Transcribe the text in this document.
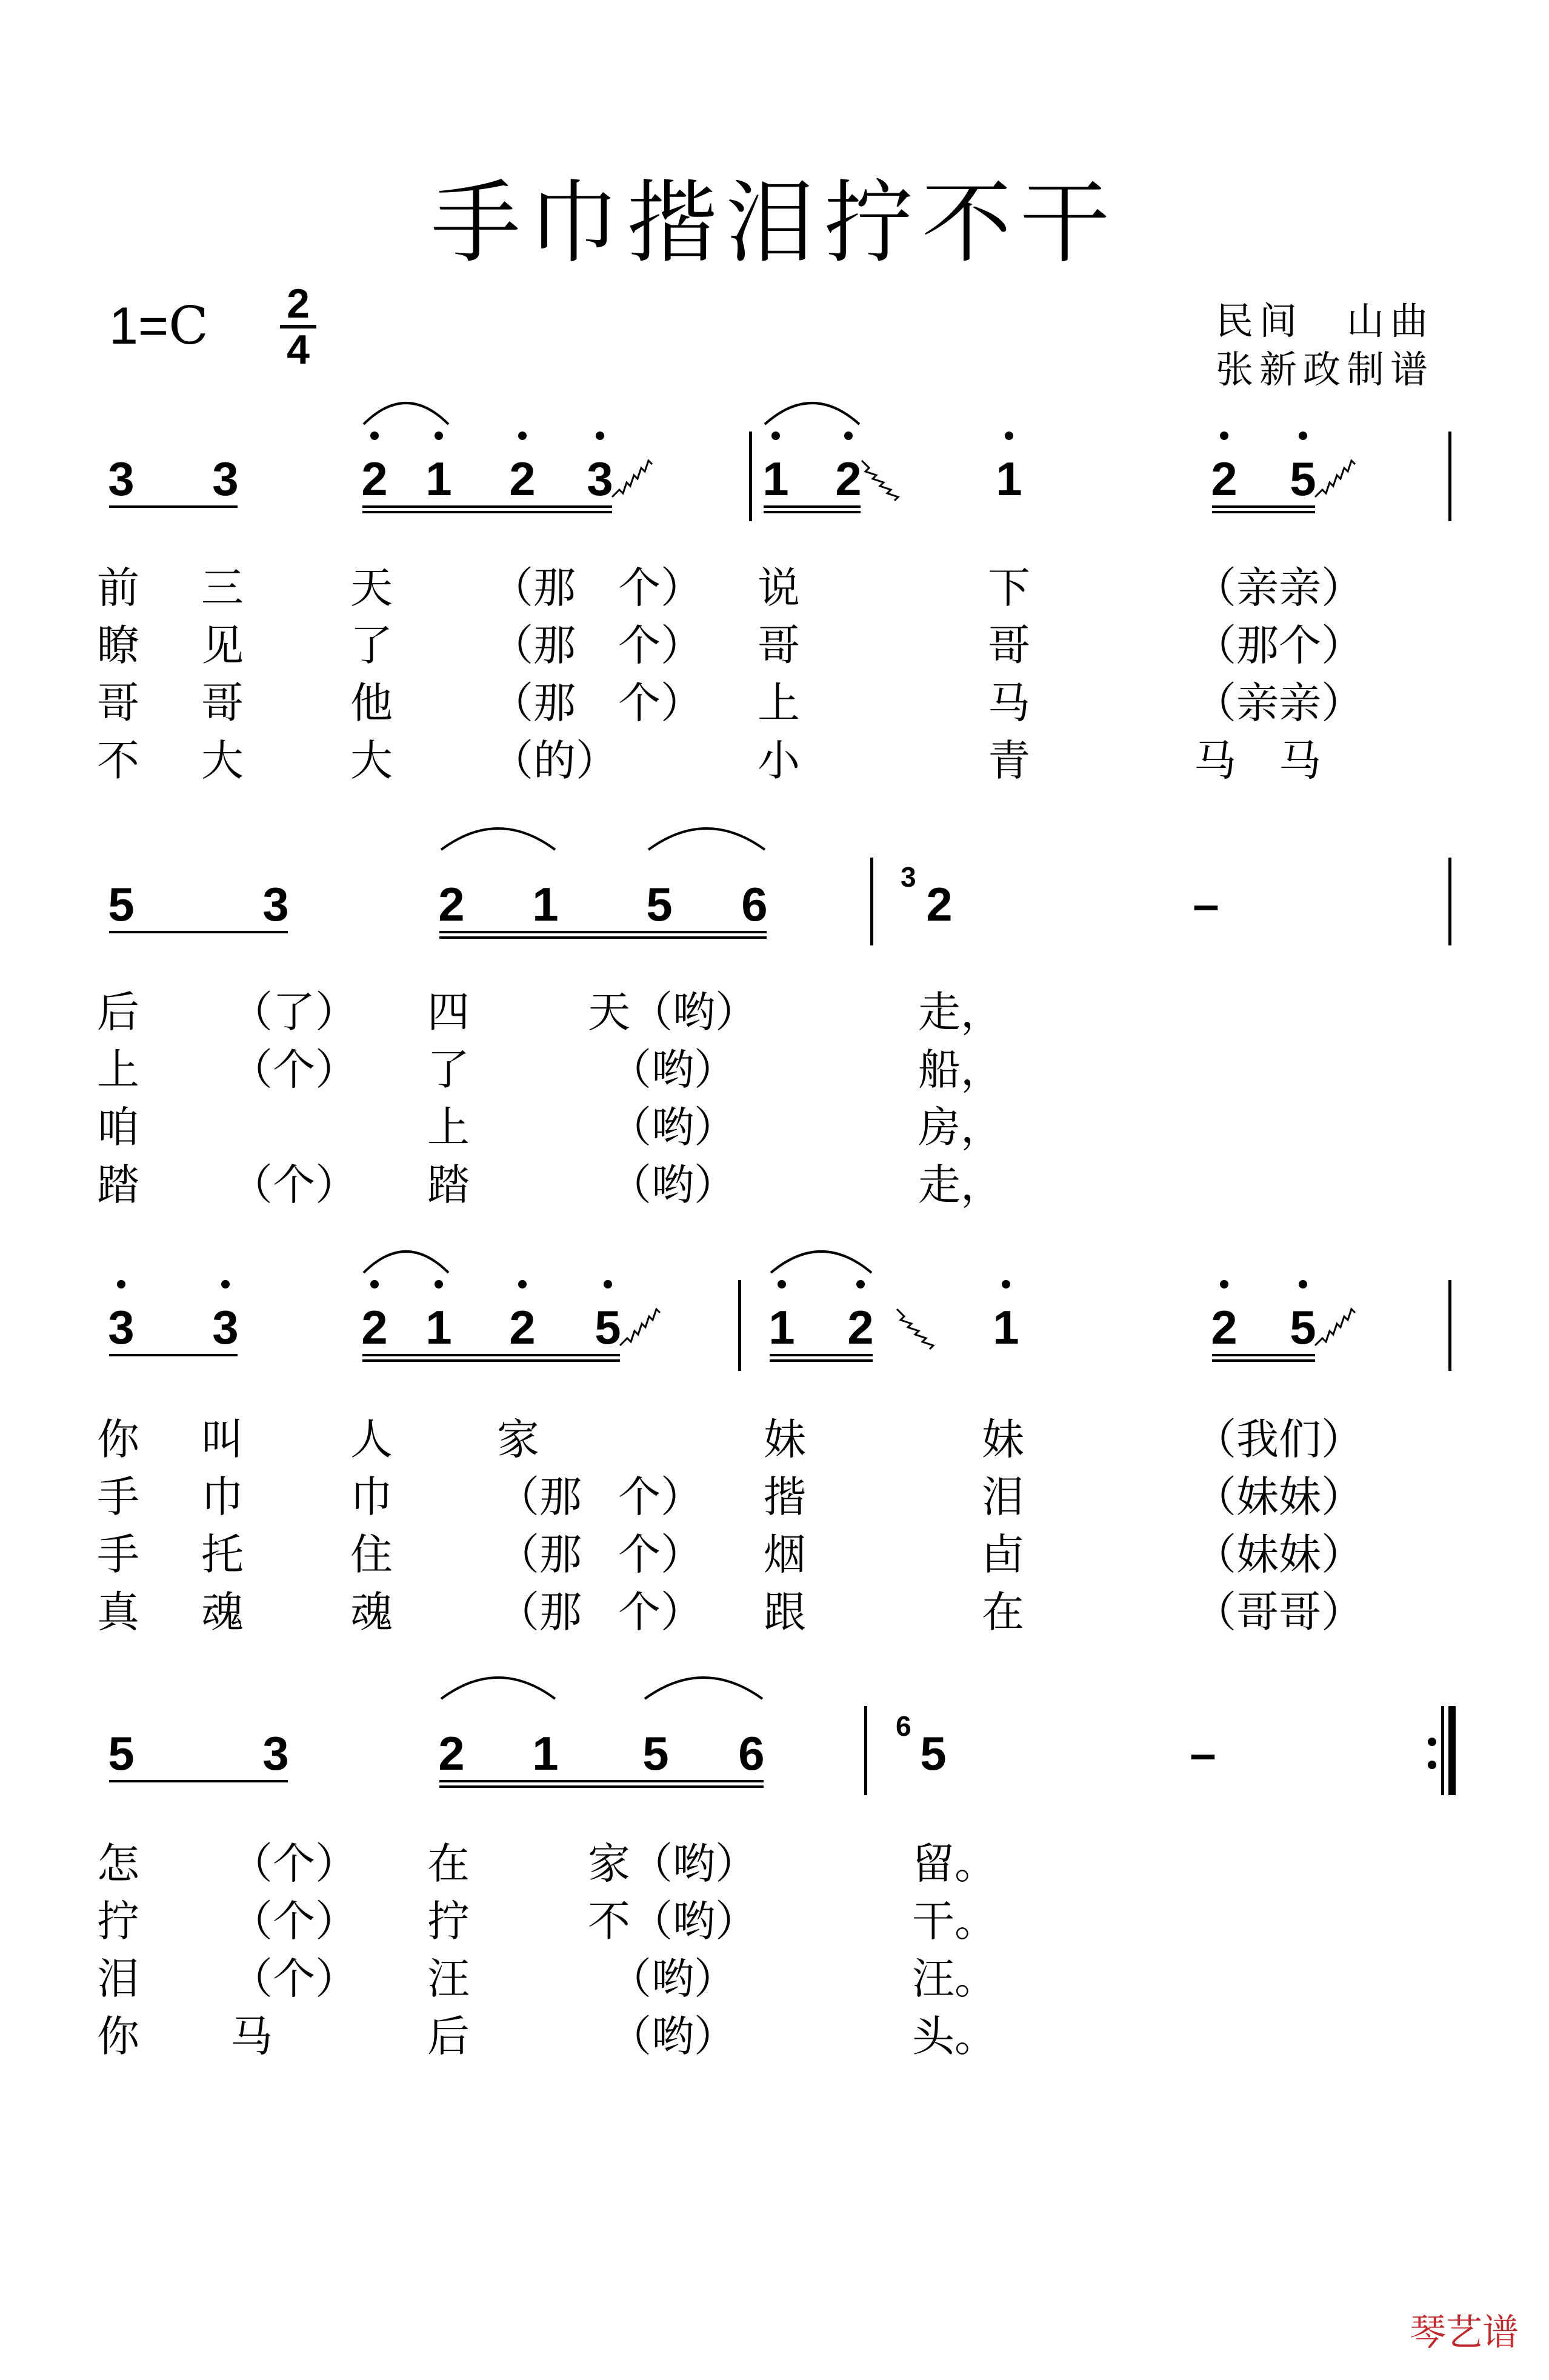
手巾揩泪拧不干
1=C 2
4
民间　山曲
张新政制谱
3 3	2 1 2 3	1 2	1	2 5
前 三	天 （那 个） 说	下	（亲 亲）
瞭 见	了 （那 个） 哥	哥	（那 个）
哥 哥	他 （那 个） 上	马	（亲 亲）
不 大	大 （的）	小	青	马 马
5	3	2 1 5 6	2	–
3
后 （了） 四	天（哟）	走，
上 （个） 了	　（哟）	船，
咱	上	　（哟）	房，
踏 （个） 踏	　（哟）	走，
3 3	2 1 2 5	1 2	1	2 5
你 叫	人 家	妹	妹	（我 们）
手 巾	巾 （那 个） 揩	泪	（妹 妹）
手 托	住 （那 个） 烟	卣	（妹 妹）
真 魂	魂 （那 个） 跟	在	（哥 哥）
5	3	2 1 5 6	5	–
6
怎 （个） 在	家（哟）	留。
拧 （个） 拧	不（哟）	干。
泪 （个） 汪	　（哟）	汪。
你 马	后	　（哟）	头。
琴艺谱
